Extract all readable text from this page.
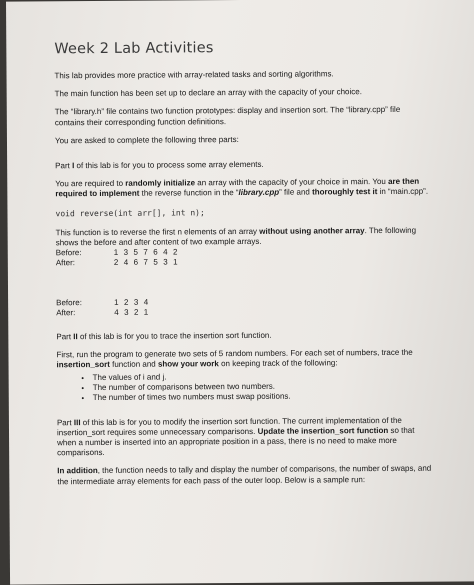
Week 2 Lab Activities

This lab provides more practice with array-related tasks and sorting algorithms.

The main function has been set up to declare an array with the capacity of your choice.

The “library.h” file contains two function prototypes: display and insertion sort. The “library.cpp” file contains their corresponding function definitions.

You are asked to complete the following three parts:

Part I of this lab is for you to process some array elements.

You are required to randomly initialize an array with the capacity of your choice in main. You are then required to implement the reverse function in the “library.cpp” file and thoroughly test it in “main.cpp”.

void reverse(int arr[], int n);

This function is to reverse the first n elements of an array without using another array. The following shows the before and after content of two example arrays.

Before:	1 3 5 7 6 4 2
After:	2 4 6 7 5 3 1
Before:	1 2 3 4
After:	4 3 2 1

Part II of this lab is for you to trace the insertion sort function.

First, run the program to generate two sets of 5 random numbers. For each set of numbers, trace the insertion_sort function and show your work on keeping track of the following:

• The values of i and j.
• The number of comparisons between two numbers.
• The number of times two numbers must swap positions.

Part III of this lab is for you to modify the insertion sort function. The current implementation of the insertion_sort requires some unnecessary comparisons. Update the insertion_sort function so that when a number is inserted into an appropriate position in a pass, there is no need to make more comparisons.

In addition, the function needs to tally and display the number of comparisons, the number of swaps, and the intermediate array elements for each pass of the outer loop. Below is a sample run:
